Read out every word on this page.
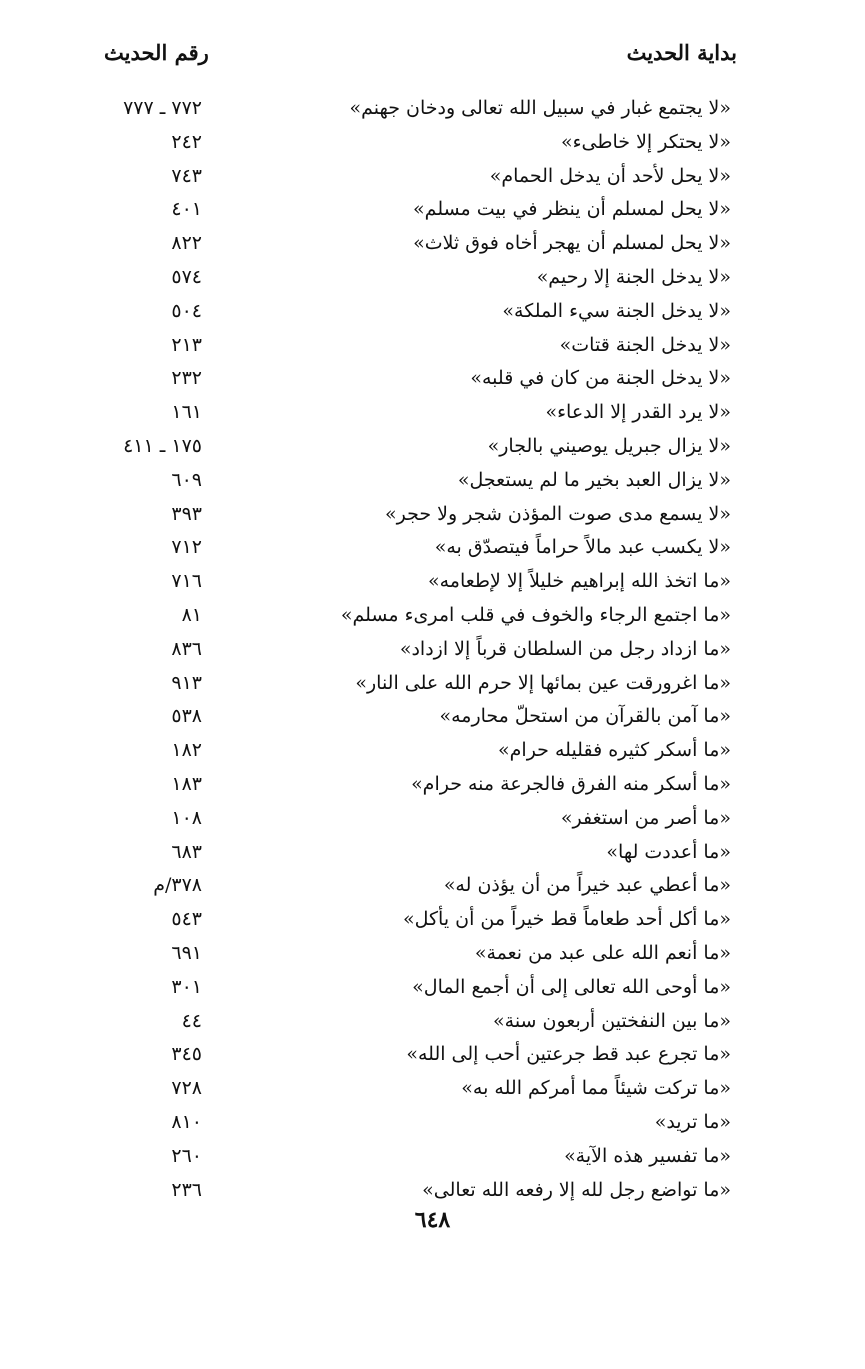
بداية الحديث
رقم الحديث
«لا يجتمع غبار في سبيل الله تعالى ودخان جهنم»
٧٧٢ ـ ٧٧٧
«لا يحتكر إلا خاطىء»
٢٤٢
«لا يحل لأحد أن يدخل الحمام»
٧٤٣
«لا يحل لمسلم أن ينظر في بيت مسلم»
٤٠١
«لا يحل لمسلم أن يهجر أخاه فوق ثلاث»
٨٢٢
«لا يدخل الجنة إلا رحيم»
٥٧٤
«لا يدخل الجنة سيء الملكة»
٥٠٤
«لا يدخل الجنة قتات»
٢١٣
«لا يدخل الجنة من كان في قلبه»
٢٣٢
«لا يرد القدر إلا الدعاء»
١٦١
«لا يزال جبريل يوصيني بالجار»
١٧٥ ـ ٤١١
«لا يزال العبد بخير ما لم يستعجل»
٦٠٩
«لا يسمع مدى صوت المؤذن شجر ولا حجر»
٣٩٣
«لا يكسب عبد مالاً حراماً فيتصدّق به»
٧١٢
«ما اتخذ الله إبراهيم خليلاً إلا لإطعامه»
٧١٦
«ما اجتمع الرجاء والخوف في قلب امرىء مسلم»
٨١
«ما ازداد رجل من السلطان قرباً إلا ازداد»
٨٣٦
«ما اغرورقت عين بمائها إلا حرم الله على النار»
٩١٣
«ما آمن بالقرآن من استحلّ محارمه»
٥٣٨
«ما أسكر كثيره فقليله حرام»
١٨٢
«ما أسكر منه الفرق فالجرعة منه حرام»
١٨٣
«ما أصر من استغفر»
١٠٨
«ما أعددت لها»
٦٨٣
«ما أعطي عبد خيراً من أن يؤذن له»
٣٧٨/م
«ما أكل أحد طعاماً قط خيراً من أن يأكل»
٥٤٣
«ما أنعم الله على عبد من نعمة»
٦٩١
«ما أوحى الله تعالى إلى أن أجمع المال»
٣٠١
«ما بين النفختين أربعون سنة»
٤٤
«ما تجرع عبد قط جرعتين أحب إلى الله»
٣٤٥
«ما تركت شيئاً مما أمركم الله به»
٧٢٨
«ما تريد»
٨١٠
«ما تفسير هذه الآية»
٢٦٠
«ما تواضع رجل لله إلا رفعه الله تعالى»
٢٣٦
٦٤٨
